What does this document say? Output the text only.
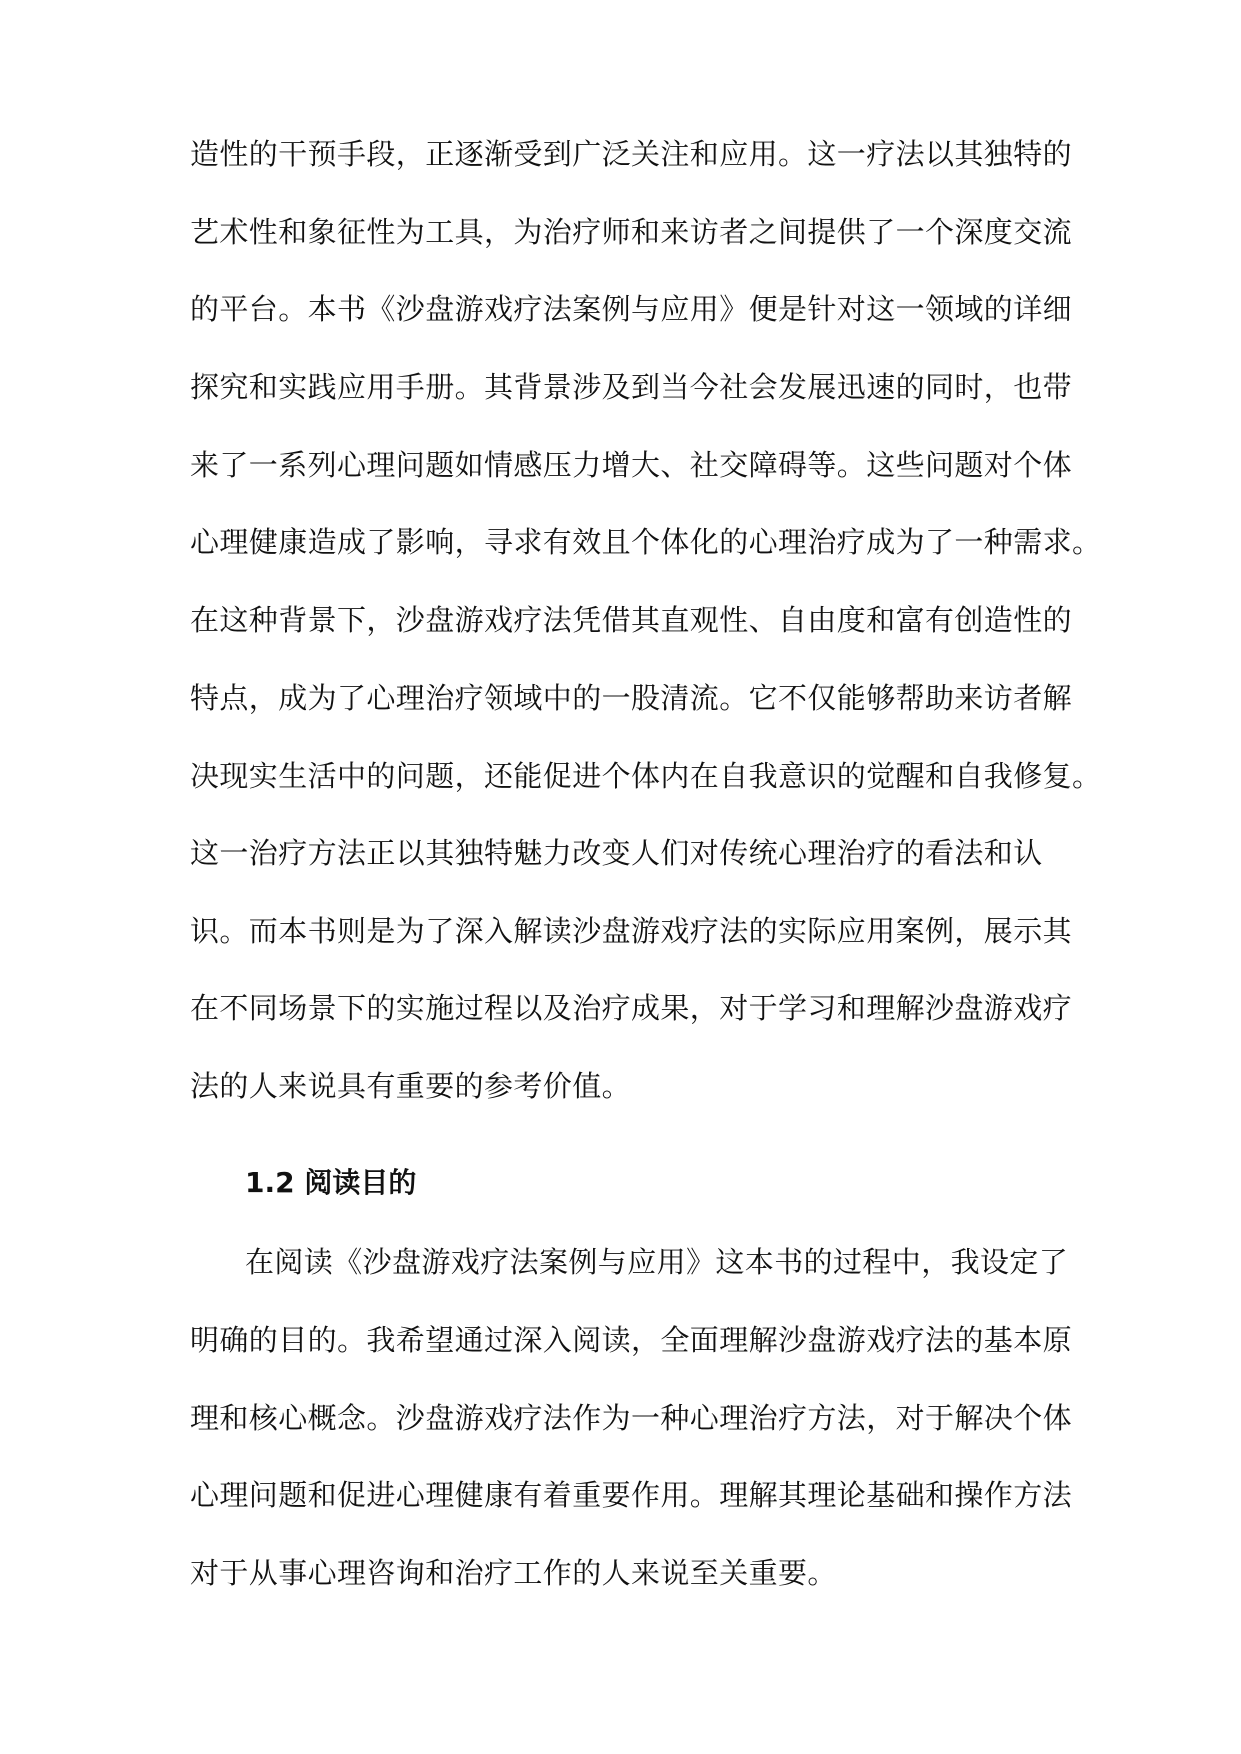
造性的干预手段，正逐渐受到广泛关注和应用。这一疗法以其独特的
艺术性和象征性为工具，为治疗师和来访者之间提供了一个深度交流
的平台。本书《沙盘游戏疗法案例与应用》便是针对这一领域的详细
探究和实践应用手册。其背景涉及到当今社会发展迅速的同时，也带
来了一系列心理问题如情感压力增大、社交障碍等。这些问题对个体
心理健康造成了影响，寻求有效且个体化的心理治疗成为了一种需求。
在这种背景下，沙盘游戏疗法凭借其直观性、自由度和富有创造性的
特点，成为了心理治疗领域中的一股清流。它不仅能够帮助来访者解
决现实生活中的问题，还能促进个体内在自我意识的觉醒和自我修复。
这一治疗方法正以其独特魅力改变人们对传统心理治疗的看法和认
识。而本书则是为了深入解读沙盘游戏疗法的实际应用案例，展示其
在不同场景下的实施过程以及治疗成果，对于学习和理解沙盘游戏疗
法的人来说具有重要的参考价值。
1.2 阅读目的
在阅读《沙盘游戏疗法案例与应用》这本书的过程中，我设定了
明确的目的。我希望通过深入阅读，全面理解沙盘游戏疗法的基本原
理和核心概念。沙盘游戏疗法作为一种心理治疗方法，对于解决个体
心理问题和促进心理健康有着重要作用。理解其理论基础和操作方法
对于从事心理咨询和治疗工作的人来说至关重要。
